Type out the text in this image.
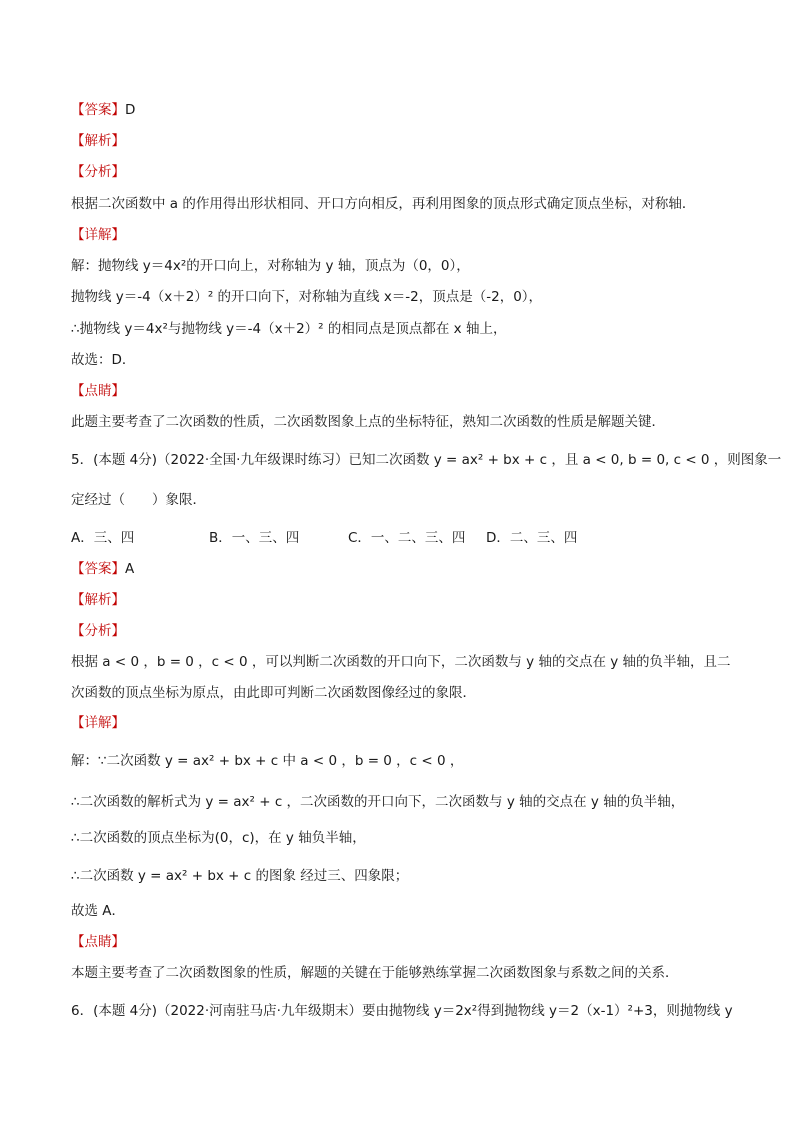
【答案】D
【解析】
【分析】
根据二次函数中 a 的作用得出形状相同、开口方向相反，再利用图象的顶点形式确定顶点坐标，对称轴．
【详解】
解：抛物线 y＝4x²的开口向上，对称轴为 y 轴，顶点为（0，0），
抛物线 y＝-4（x＋2）² 的开口向下，对称轴为直线 x＝-2，顶点是（-2，0），
∴抛物线 y＝4x²与抛物线 y＝-4（x＋2）² 的相同点是顶点都在 x 轴上，
故选：D．
【点睛】
此题主要考查了二次函数的性质，二次函数图象上点的坐标特征，熟知二次函数的性质是解题关键．
5．(本题 4分)（2022·全国·九年级课时练习）已知二次函数 y = ax² + bx + c ，且 a < 0, b = 0, c < 0 ，则图象一
定经过（　　）象限．
A．三、四	B．一、三、四	C．一、二、三、四 D．二、三、四
【答案】A
【解析】
【分析】
根据 a < 0 ，b = 0 ，c < 0 ，可以判断二次函数的开口向下，二次函数与 y 轴的交点在 y 轴的负半轴，且二
次函数的顶点坐标为原点，由此即可判断二次函数图像经过的象限．
【详解】
解：∵二次函数 y = ax² + bx + c 中 a < 0 ，b = 0 ，c < 0 ，
∴二次函数的解析式为 y = ax² + c ，二次函数的开口向下，二次函数与 y 轴的交点在 y 轴的负半轴，
∴二次函数的顶点坐标为(0，c)，在 y 轴负半轴，
∴二次函数 y = ax² + bx + c 的图象 经过三、四象限；
故选 A．
【点睛】
本题主要考查了二次函数图象的性质，解题的关键在于能够熟练掌握二次函数图象与系数之间的关系．
6．(本题 4分)（2022·河南驻马店·九年级期末）要由抛物线 y＝2x²得到抛物线 y＝2（x-1）²+3，则抛物线 y
